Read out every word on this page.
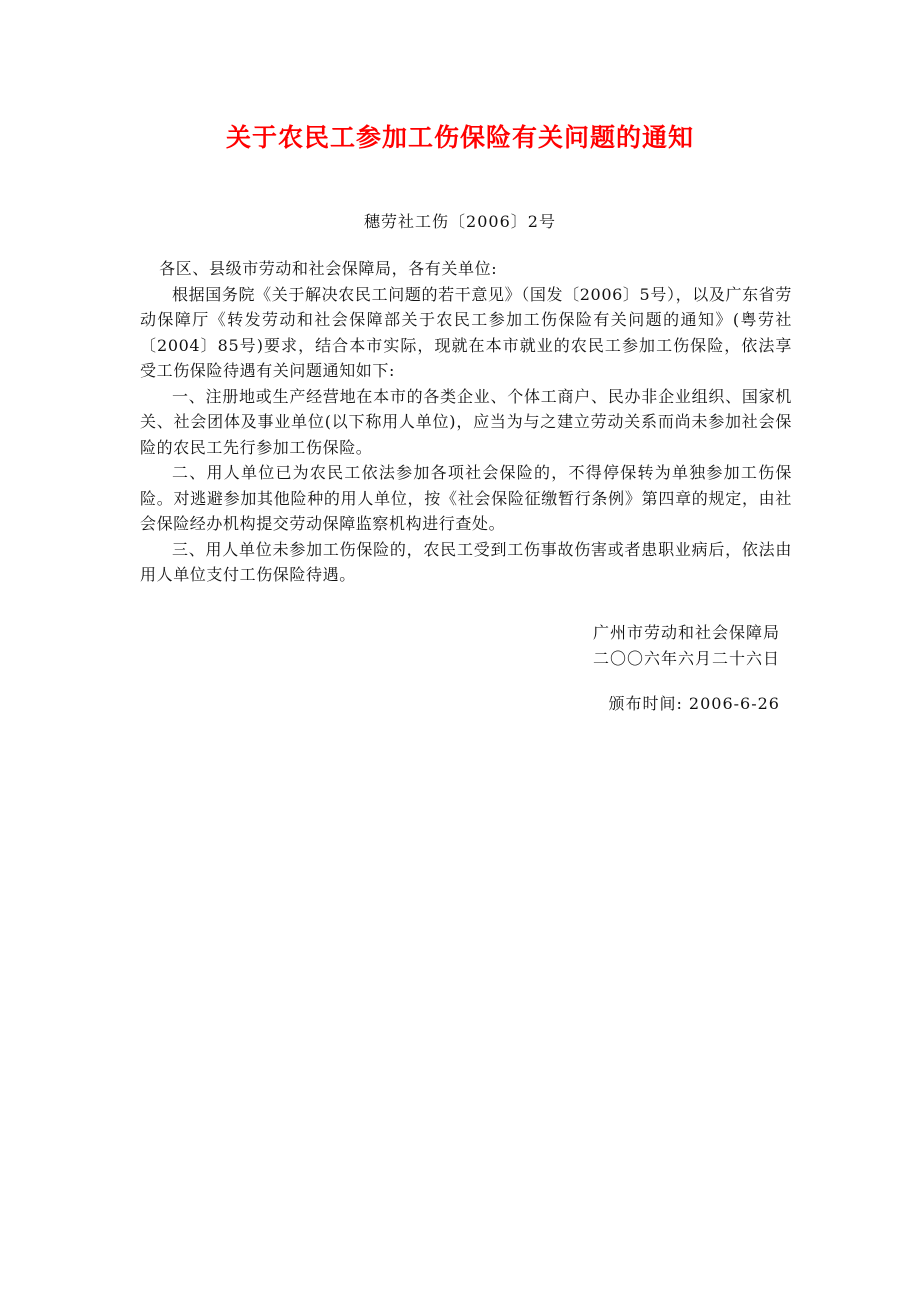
关于农民工参加工伤保险有关问题的通知
穗劳社工伤〔2006〕2号

各区、县级市劳动和社会保障局，各有关单位:

根据国务院《关于解决农民工问题的若干意见》（国发〔2006〕5号），以及广东省劳动保障厅《转发劳动和社会保障部关于农民工参加工伤保险有关问题的通知》(粤劳社〔2004〕85号)要求，结合本市实际，现就在本市就业的农民工参加工伤保险，依法享受工伤保险待遇有关问题通知如下:

一、注册地或生产经营地在本市的各类企业、个体工商户、民办非企业组织、国家机关、社会团体及事业单位(以下称用人单位)，应当为与之建立劳动关系而尚未参加社会保险的农民工先行参加工伤保险。

二、用人单位已为农民工依法参加各项社会保险的，不得停保转为单独参加工伤保险。对逃避参加其他险种的用人单位，按《社会保险征缴暂行条例》第四章的规定，由社会保险经办机构提交劳动保障监察机构进行查处。

三、用人单位未参加工伤保险的，农民工受到工伤事故伤害或者患职业病后，依法由用人单位支付工伤保险待遇。

广州市劳动和社会保障局
二〇〇六年六月二十六日
颁布时间: 2006-6-26
